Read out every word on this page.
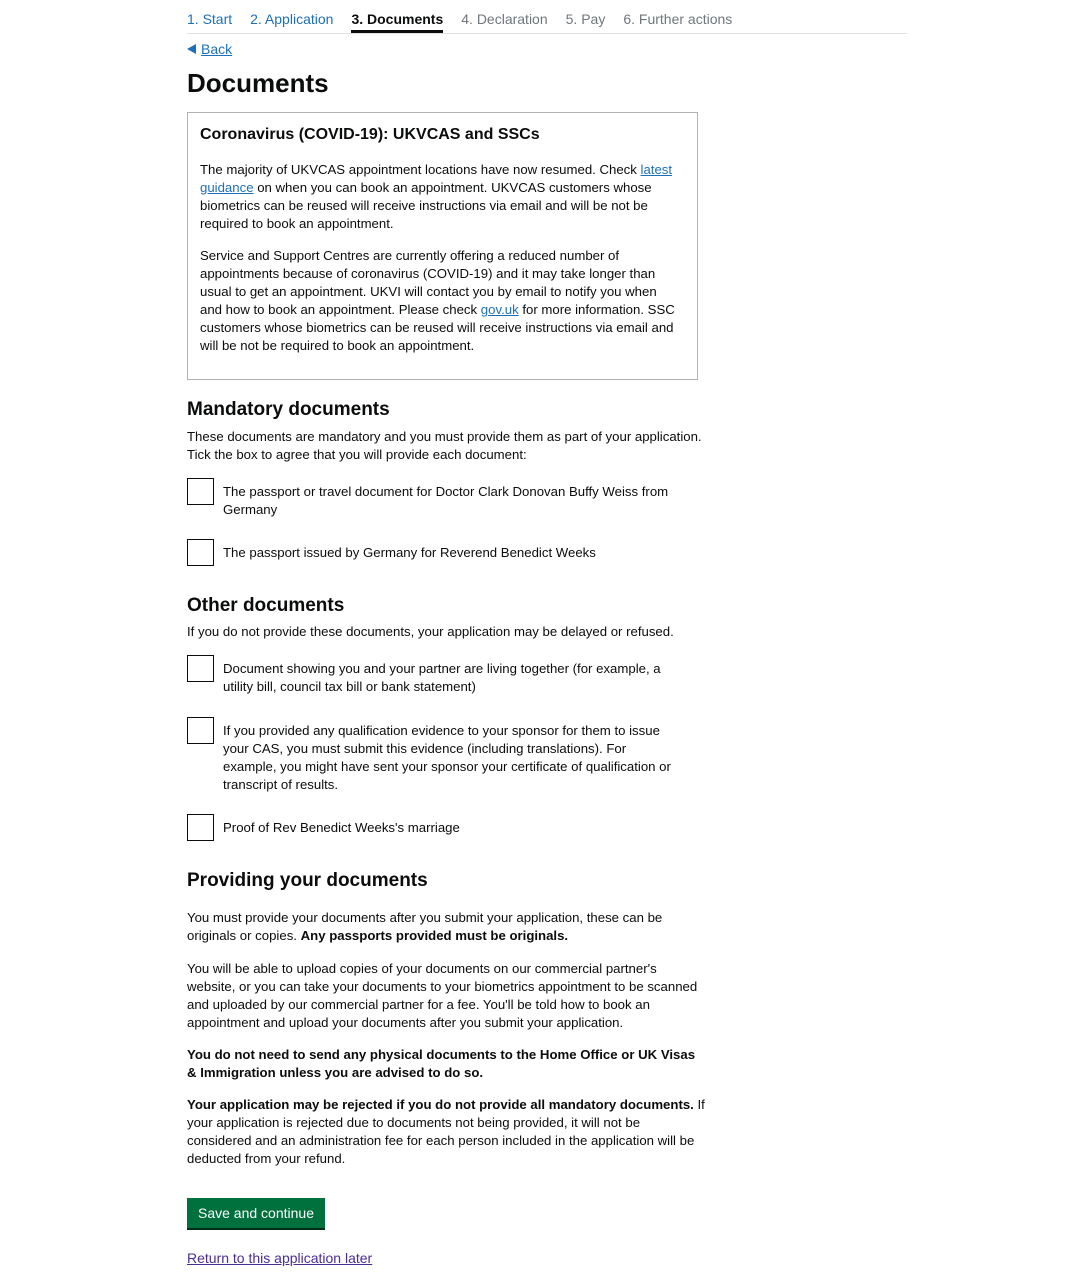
1. Start 2. Application 3. Documents 4. Declaration 5. Pay 6. Further actions
Back
Documents
Coronavirus (COVID-19): UKVCAS and SSCs

The majority of UKVCAS appointment locations have now resumed. Check latest guidance on when you can book an appointment. UKVCAS customers whose biometrics can be reused will receive instructions via email and will be not be required to book an appointment.

Service and Support Centres are currently offering a reduced number of appointments because of coronavirus (COVID-19) and it may take longer than usual to get an appointment. UKVI will contact you by email to notify you when and how to book an appointment. Please check gov.uk for more information. SSC customers whose biometrics can be reused will receive instructions via email and will be not be required to book an appointment.

Mandatory documents

These documents are mandatory and you must provide them as part of your application. Tick the box to agree that you will provide each document:

The passport or travel document for Doctor Clark Donovan Buffy Weiss from Germany
The passport issued by Germany for Reverend Benedict Weeks
Other documents

If you do not provide these documents, your application may be delayed or refused.

Document showing you and your partner are living together (for example, a utility bill, council tax bill or bank statement)
If you provided any qualification evidence to your sponsor for them to issue your CAS, you must submit this evidence (including translations). For example, you might have sent your sponsor your certificate of qualification or transcript of results.
Proof of Rev Benedict Weeks's marriage
Providing your documents

You must provide your documents after you submit your application, these can be originals or copies. Any passports provided must be originals.

You will be able to upload copies of your documents on our commercial partner's website, or you can take your documents to your biometrics appointment to be scanned and uploaded by our commercial partner for a fee. You'll be told how to book an appointment and upload your documents after you submit your application.

You do not need to send any physical documents to the Home Office or UK Visas & Immigration unless you are advised to do so.

Your application may be rejected if you do not provide all mandatory documents. If your application is rejected due to documents not being provided, it will not be considered and an administration fee for each person included in the application will be deducted from your refund.

Save and continue
Return to this application later
